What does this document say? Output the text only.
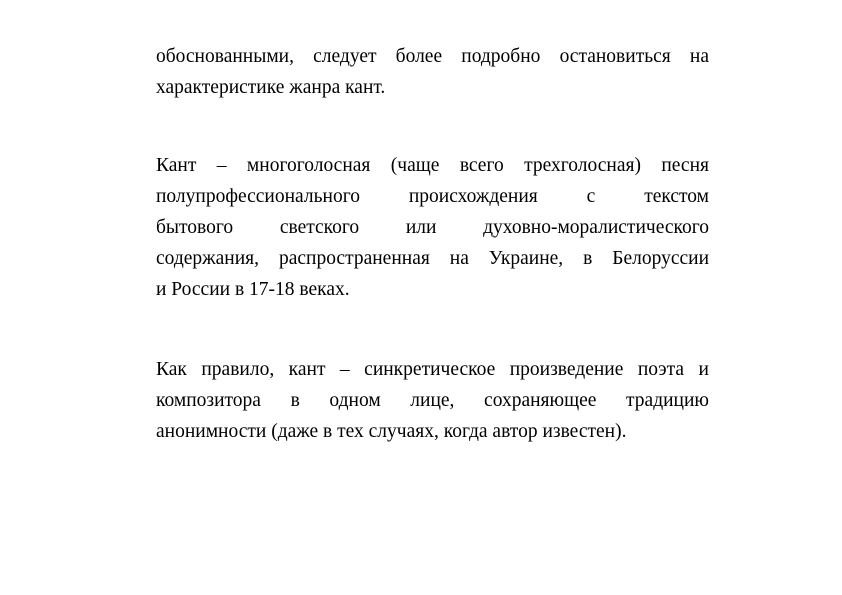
обоснованными, следует более подробно остановиться на
характеристике жанра кант.
Кант – многоголосная (чаще всего трехголосная) песня
полупрофессионального происхождения с текстом
бытового светского или духовно-моралистического
содержания, распространенная на Украине, в Белоруссии
и России в 17-18 веках.
Как правило, кант – синкретическое произведение поэта и
композитора в одном лице, сохраняющее традицию
анонимности (даже в тех случаях, когда автор известен).
